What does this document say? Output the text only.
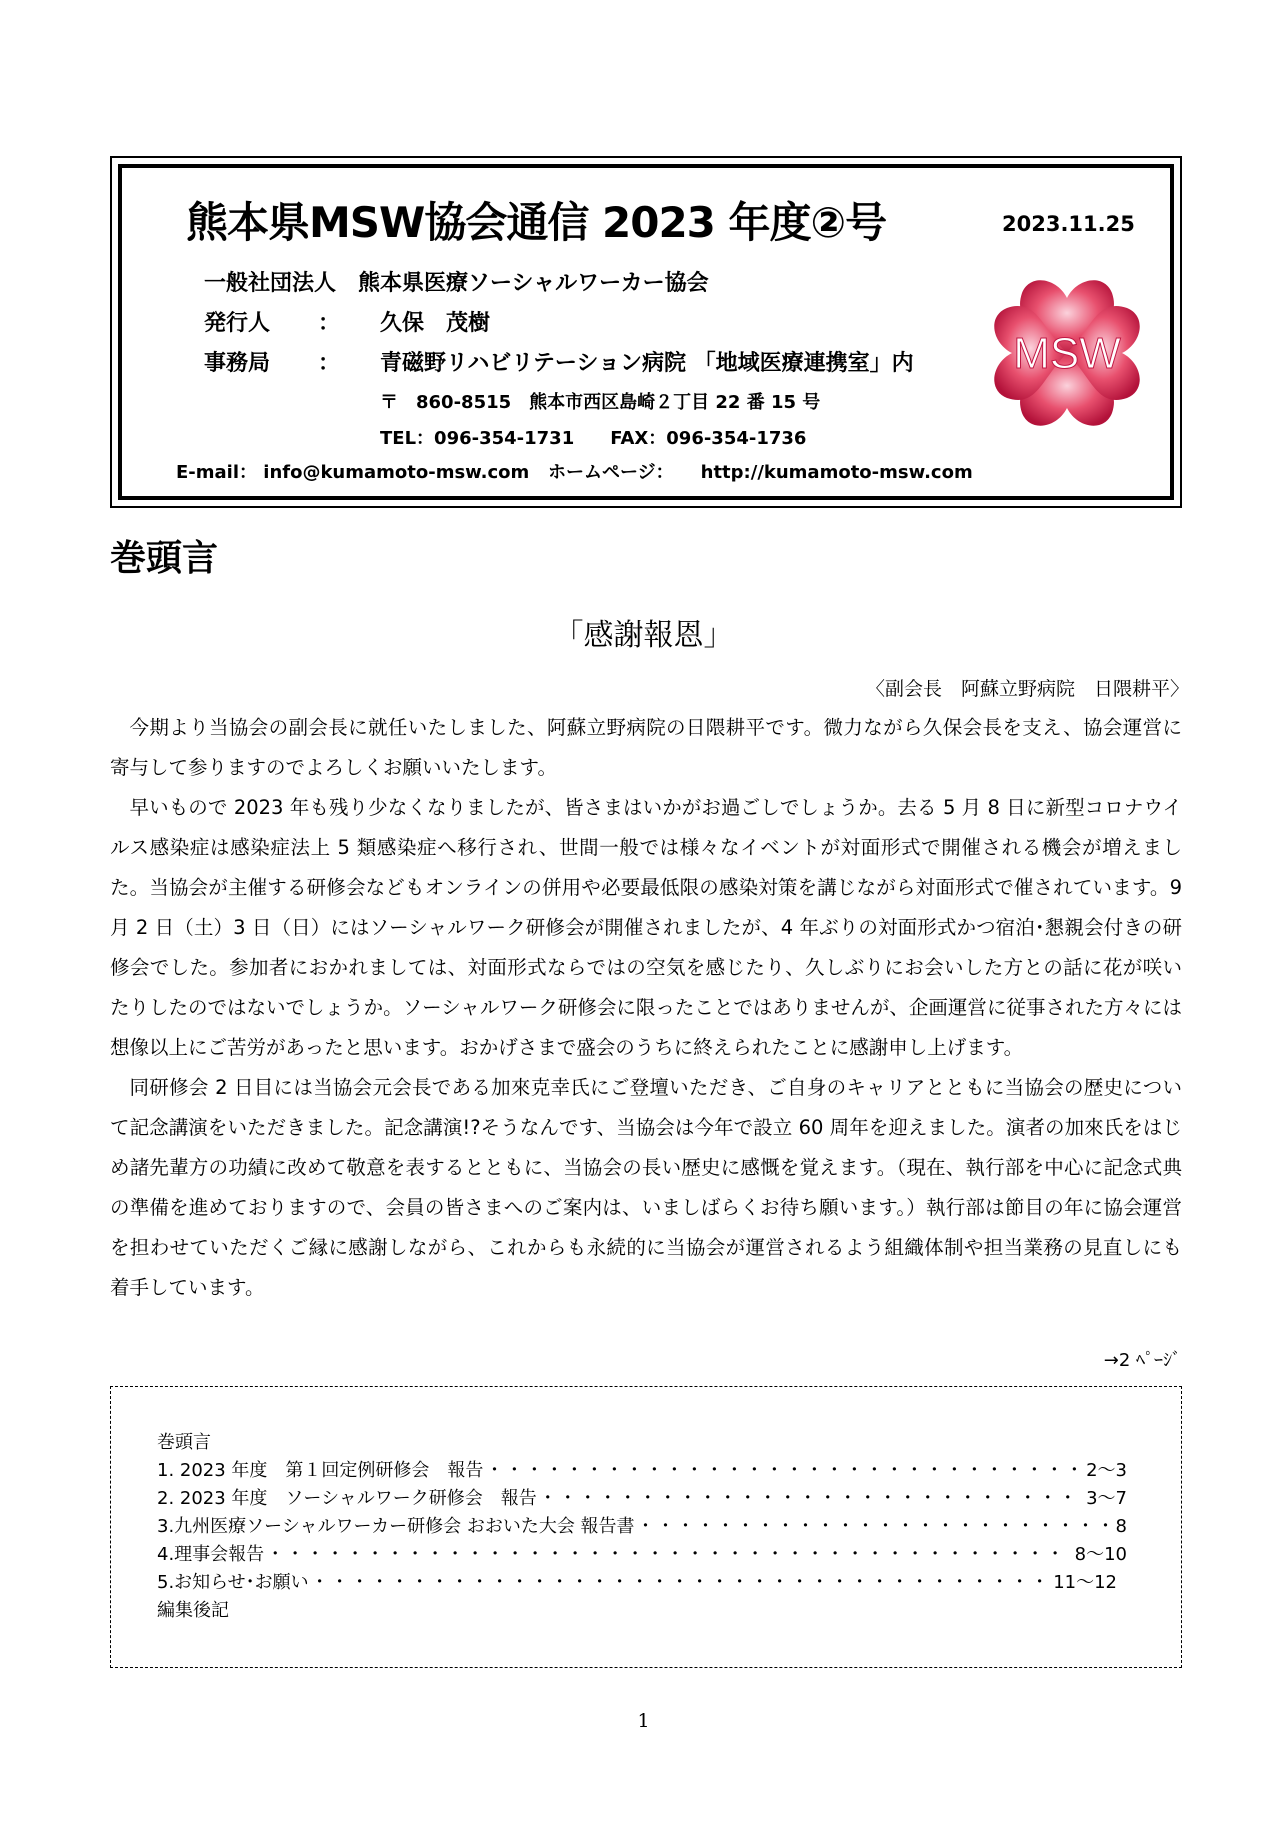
熊本県MSW協会通信 2023 年度②号	2023.11.25
一般社団法人　熊本県医療ソーシャルワーカー協会
発行人 ： 久保　茂樹
事務局 ： 青磁野リハビリテーション病院 「地域医療連携室」内
〒　860-8515　熊本市西区島崎２丁目 22 番 15 号
TEL：096-354-1731　　FAX：096-354-1736
E-mail： info@kumamoto-msw.com ホームページ：　　http://kumamoto-msw.com
MSW
巻頭言
「感謝報恩」
〈副会長　阿蘇立野病院　日隈耕平〉

今期より当協会の副会長に就任いたしました、阿蘇立野病院の日隈耕平です。微力ながら久保会長を支え、協会運営に寄与して参りますのでよろしくお願いいたします。

早いもので 2023 年も残り少なくなりましたが、皆さまはいかがお過ごしでしょうか。去る 5 月 8 日に新型コロナウイルス感染症は感染症法上 5 類感染症へ移行され、世間一般では様々なイベントが対面形式で開催される機会が増えました。当協会が主催する研修会などもオンラインの併用や必要最低限の感染対策を講じながら対面形式で催されています。9 月 2 日（土）3 日（日）にはソーシャルワーク研修会が開催されましたが、4 年ぶりの対面形式かつ宿泊･懇親会付きの研修会でした。参加者におかれましては、対面形式ならではの空気を感じたり、久しぶりにお会いした方との話に花が咲いたりしたのではないでしょうか。ソーシャルワーク研修会に限ったことではありませんが、企画運営に従事された方々には想像以上にご苦労があったと思います。おかげさまで盛会のうちに終えられたことに感謝申し上げます。

同研修会 2 日目には当協会元会長である加來克幸氏にご登壇いただき、ご自身のキャリアとともに当協会の歴史について記念講演をいただきました。記念講演!?そうなんです、当協会は今年で設立 60 周年を迎えました。演者の加來氏をはじめ諸先輩方の功績に改めて敬意を表するとともに、当協会の長い歴史に感慨を覚えます。（現在、執行部を中心に記念式典の準備を進めておりますので、会員の皆さまへのご案内は、いましばらくお待ち願います。）執行部は節目の年に協会運営を担わせていただくご縁に感謝しながら、これからも永続的に当協会が運営されるよう組織体制や担当業務の見直しにも着手しています。

→2 ﾍﾟｰｼﾞ
巻頭言
1. 2023 年度　第１回定例研修会　報告 ・・・・・・・・・・・・・・・・・・・・・・・・・・・・・・・・・・・・・・・・・・・・・・・・・・・・・・・・・・・・・・・・・・・・・・・	2～3
2. 2023 年度　ソーシャルワーク研修会　報告 ・・・・・・・・・・・・・・・・・・・・・・・・・・・・・・・・・・・・・・・・・・・・・・・・・・・・・・・・・・・・・・・・・・・・・・・	3～7
3.九州医療ソーシャルワーカー研修会 おおいた大会 報告書 ・・・・・・・・・・・・・・・・・・・・・・・・・・・・・・・・・・・・・・・・・・・・・・・・・・・・・・・・・・・・・・・・・・・・・・・	8
4.理事会報告 ・・・・・・・・・・・・・・・・・・・・・・・・・・・・・・・・・・・・・・・・・・・・・・・・・・・・・・・・・・・・・・・・・・・・・・・	8～10
5.お知らせ･お願い ・・・・・・・・・・・・・・・・・・・・・・・・・・・・・・・・・・・・・・・・・・・・・・・・・・・・・・・・・・・・・・・・・・・・・・・	11～12
編集後記
1
